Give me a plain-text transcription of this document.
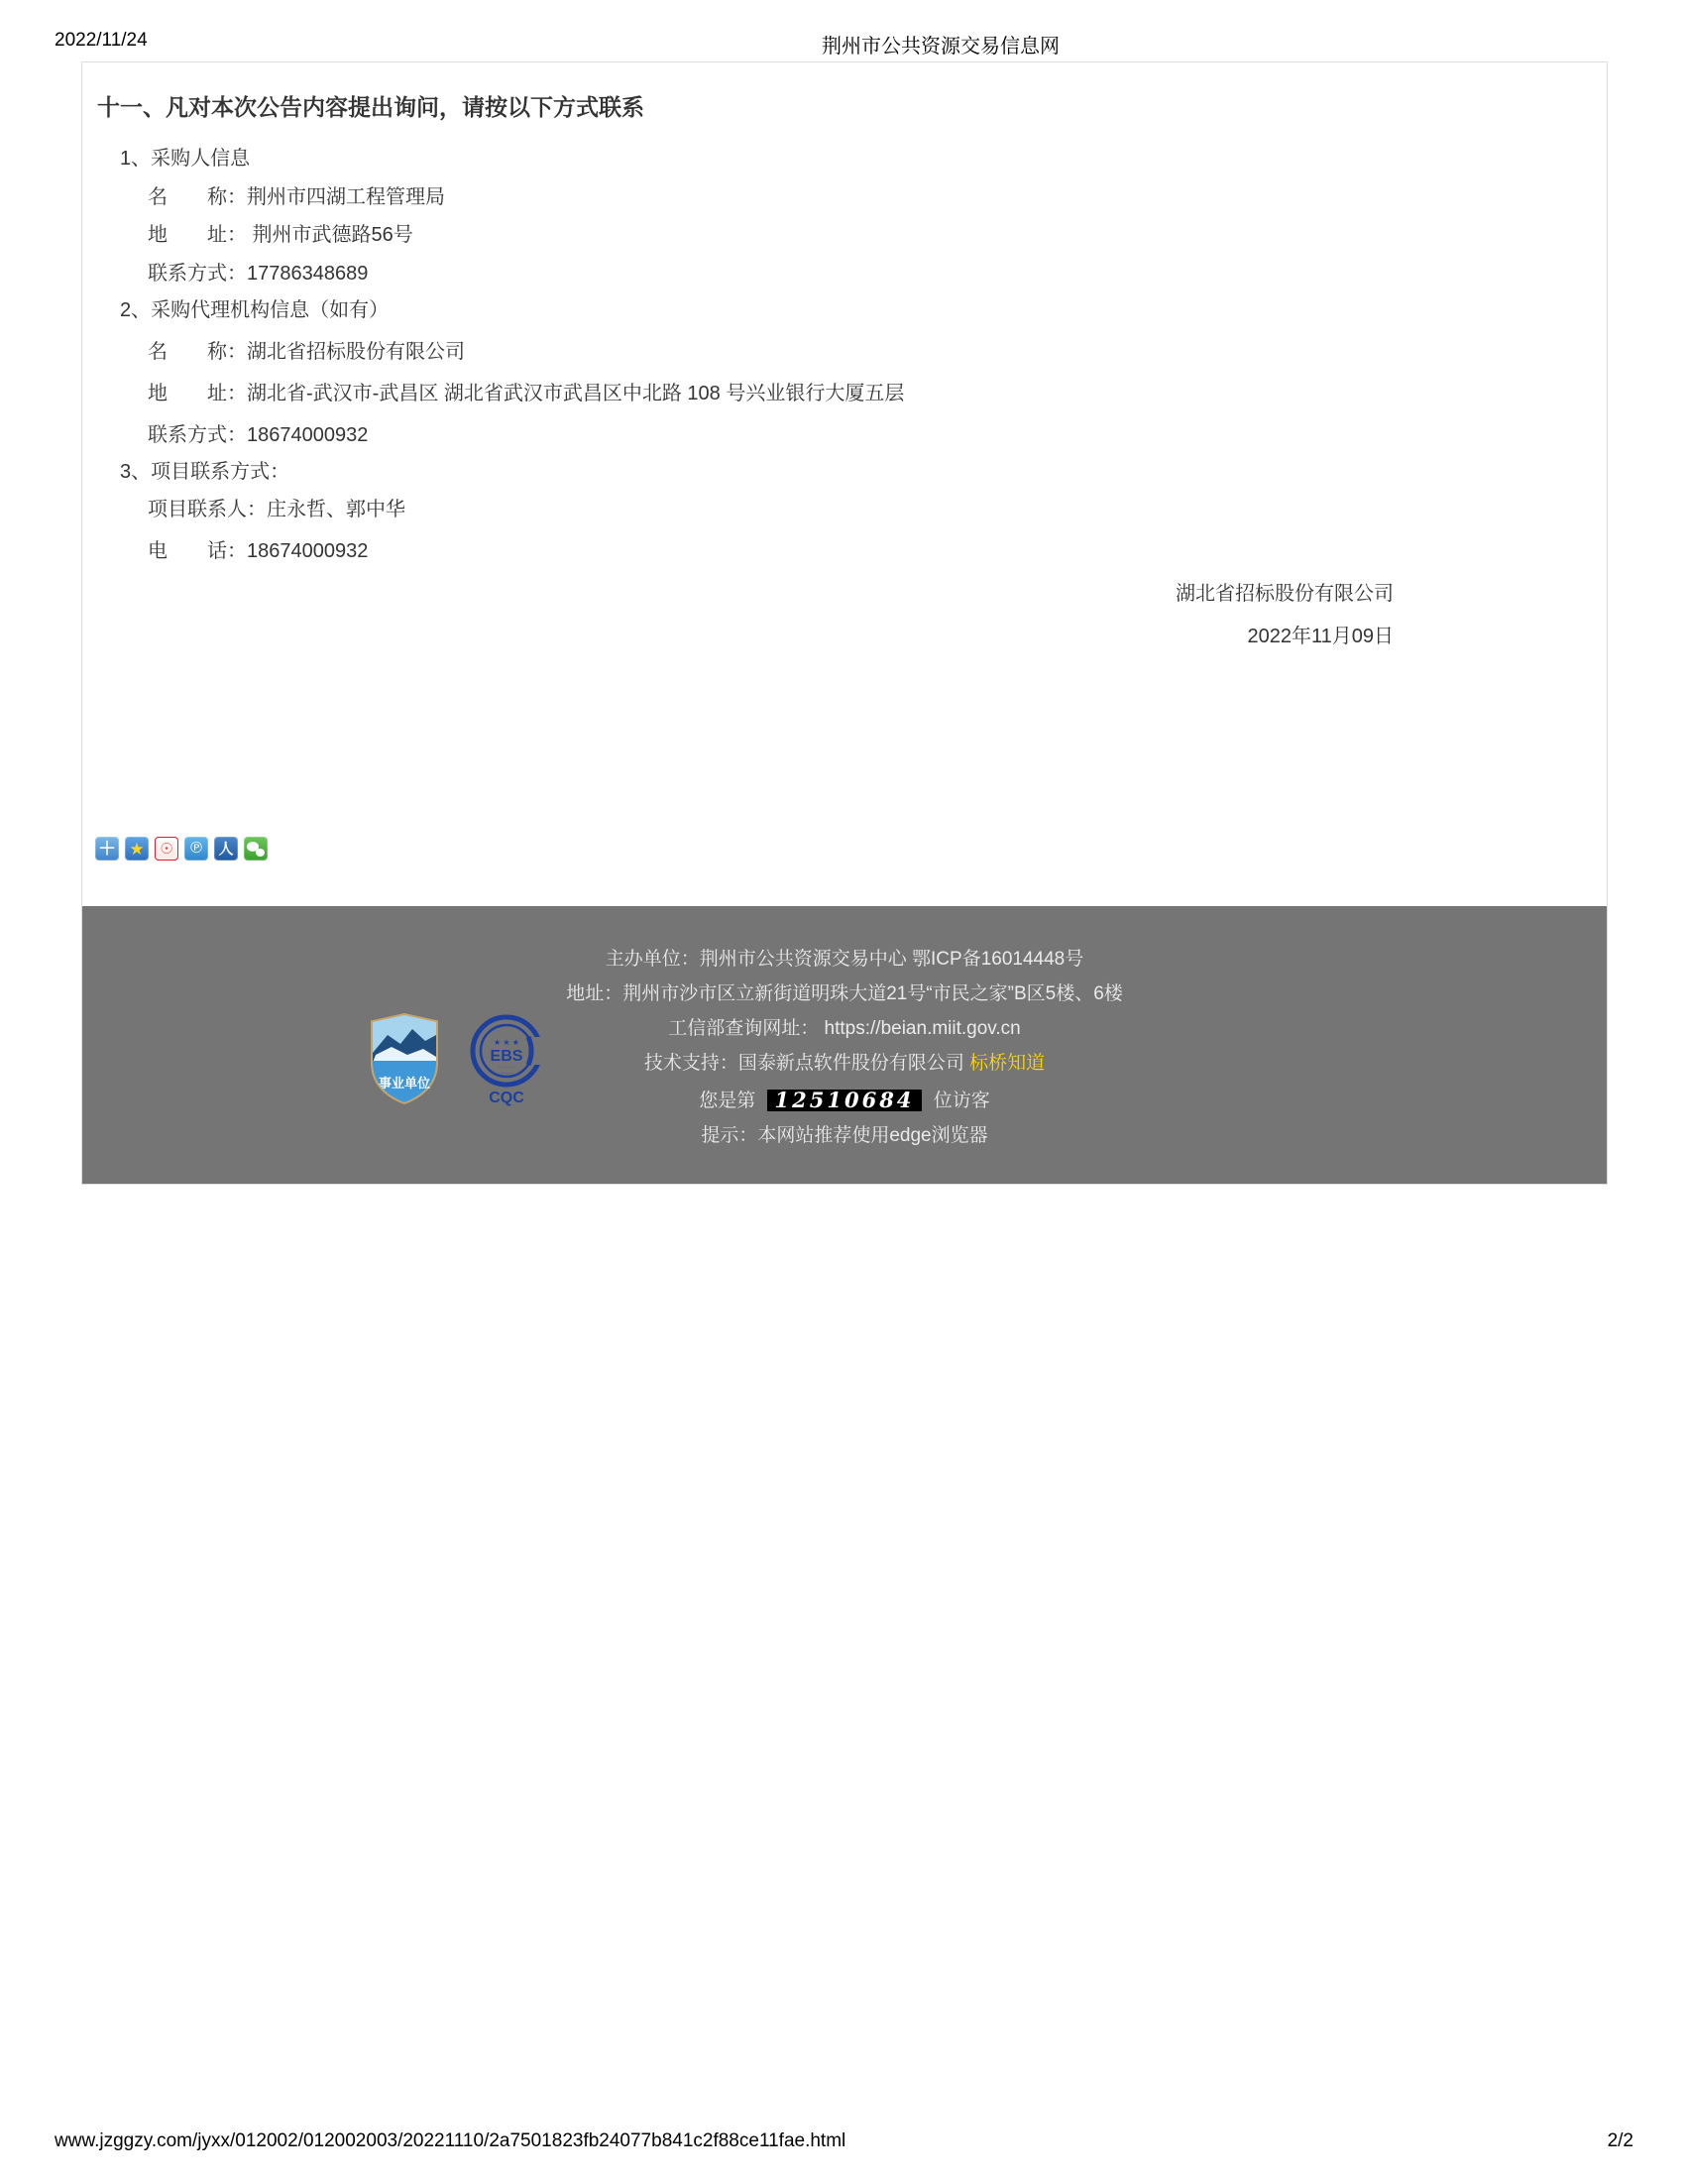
2022/11/24	荆州市公共资源交易信息网
十一、凡对本次公告内容提出询问，请按以下方式联系
1、采购人信息
名　　称：荆州市四湖工程管理局
地　　址： 荆州市武德路56号
联系方式：17786348689
2、采购代理机构信息（如有）
名　　称：湖北省招标股份有限公司
地　　址：湖北省-武汉市-武昌区 湖北省武汉市武昌区中北路 108 号兴业银行大厦五层
联系方式：18674000932
3、项目联系方式：
项目联系人：庄永哲、郭中华
电　　话：18674000932
湖北省招标股份有限公司
2022年11月09日
＋ ★ ☉ ℗ 人
事业单位
★ ★ ★
EBS
··········
········
CQC
主办单位：荆州市公共资源交易中心 鄂ICP备16014448号
地址：荆州市沙市区立新街道明珠大道21号“市民之家”B区5楼、6楼
工信部查询网址： https://beian.miit.gov.cn
技术支持：国泰新点软件股份有限公司 标桥知道
您是第 12510684 位访客
提示：本网站推荐使用edge浏览器
www.jzggzy.com/jyxx/012002/012002003/20221110/2a7501823fb24077b841c2f88ce11fae.html	2/2
